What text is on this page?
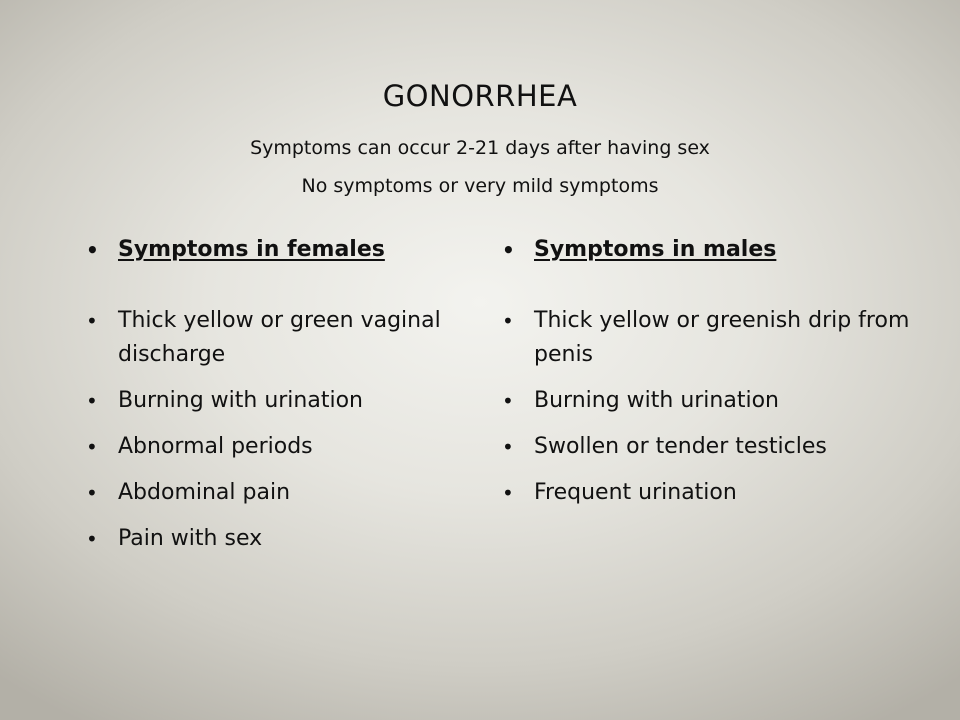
GONORRHEA
Symptoms can occur 2-21 days after having sex
No symptoms or very mild symptoms
• Symptoms in females
• Thick yellow or green vaginal discharge
• Burning with urination
• Abnormal periods
• Abdominal pain
• Pain with sex
• Symptoms in males
• Thick yellow or greenish drip from penis
• Burning with urination
• Swollen or tender testicles
• Frequent urination
